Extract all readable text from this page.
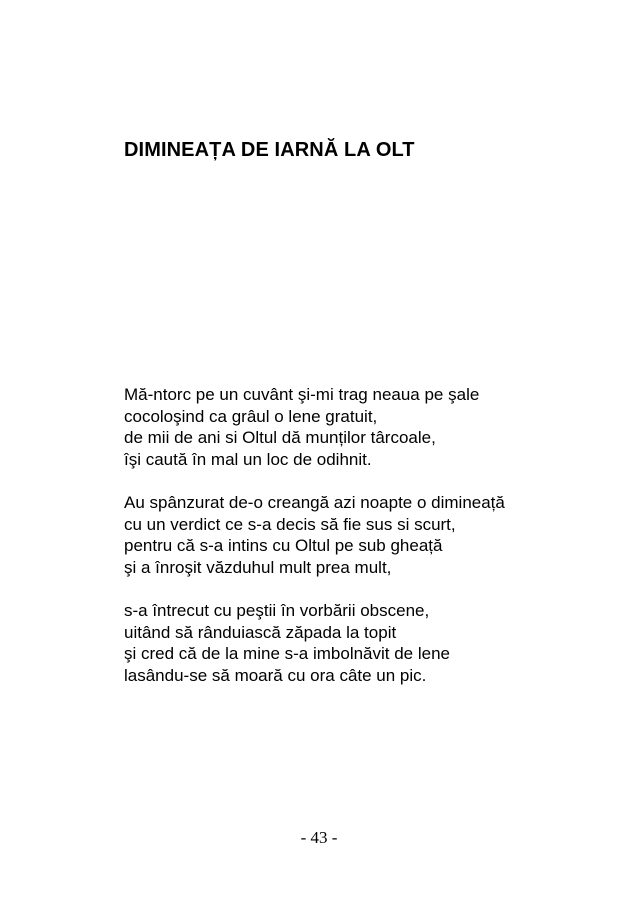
DIMINEAȚA DE IARNĂ LA OLT

Mă-ntorc pe un cuvânt şi-mi trag neaua pe şale
cocoloşind ca grâul o lene gratuit,
de mii de ani si Oltul dă munților târcoale,
îşi caută în mal un loc de odihnit.

Au spânzurat de-o creangă azi noapte o dimineață
cu un verdict ce s-a decis să fie sus si scurt,
pentru că s-a intins cu Oltul pe sub gheață
şi a înroşit văzduhul mult prea mult,

s-a întrecut cu peştii în vorbării obscene,
uitând să rânduiască zăpada la topit
şi cred că de la mine s-a imbolnăvit de lene
lasându-se să moară cu ora câte un pic.

- 43 -
